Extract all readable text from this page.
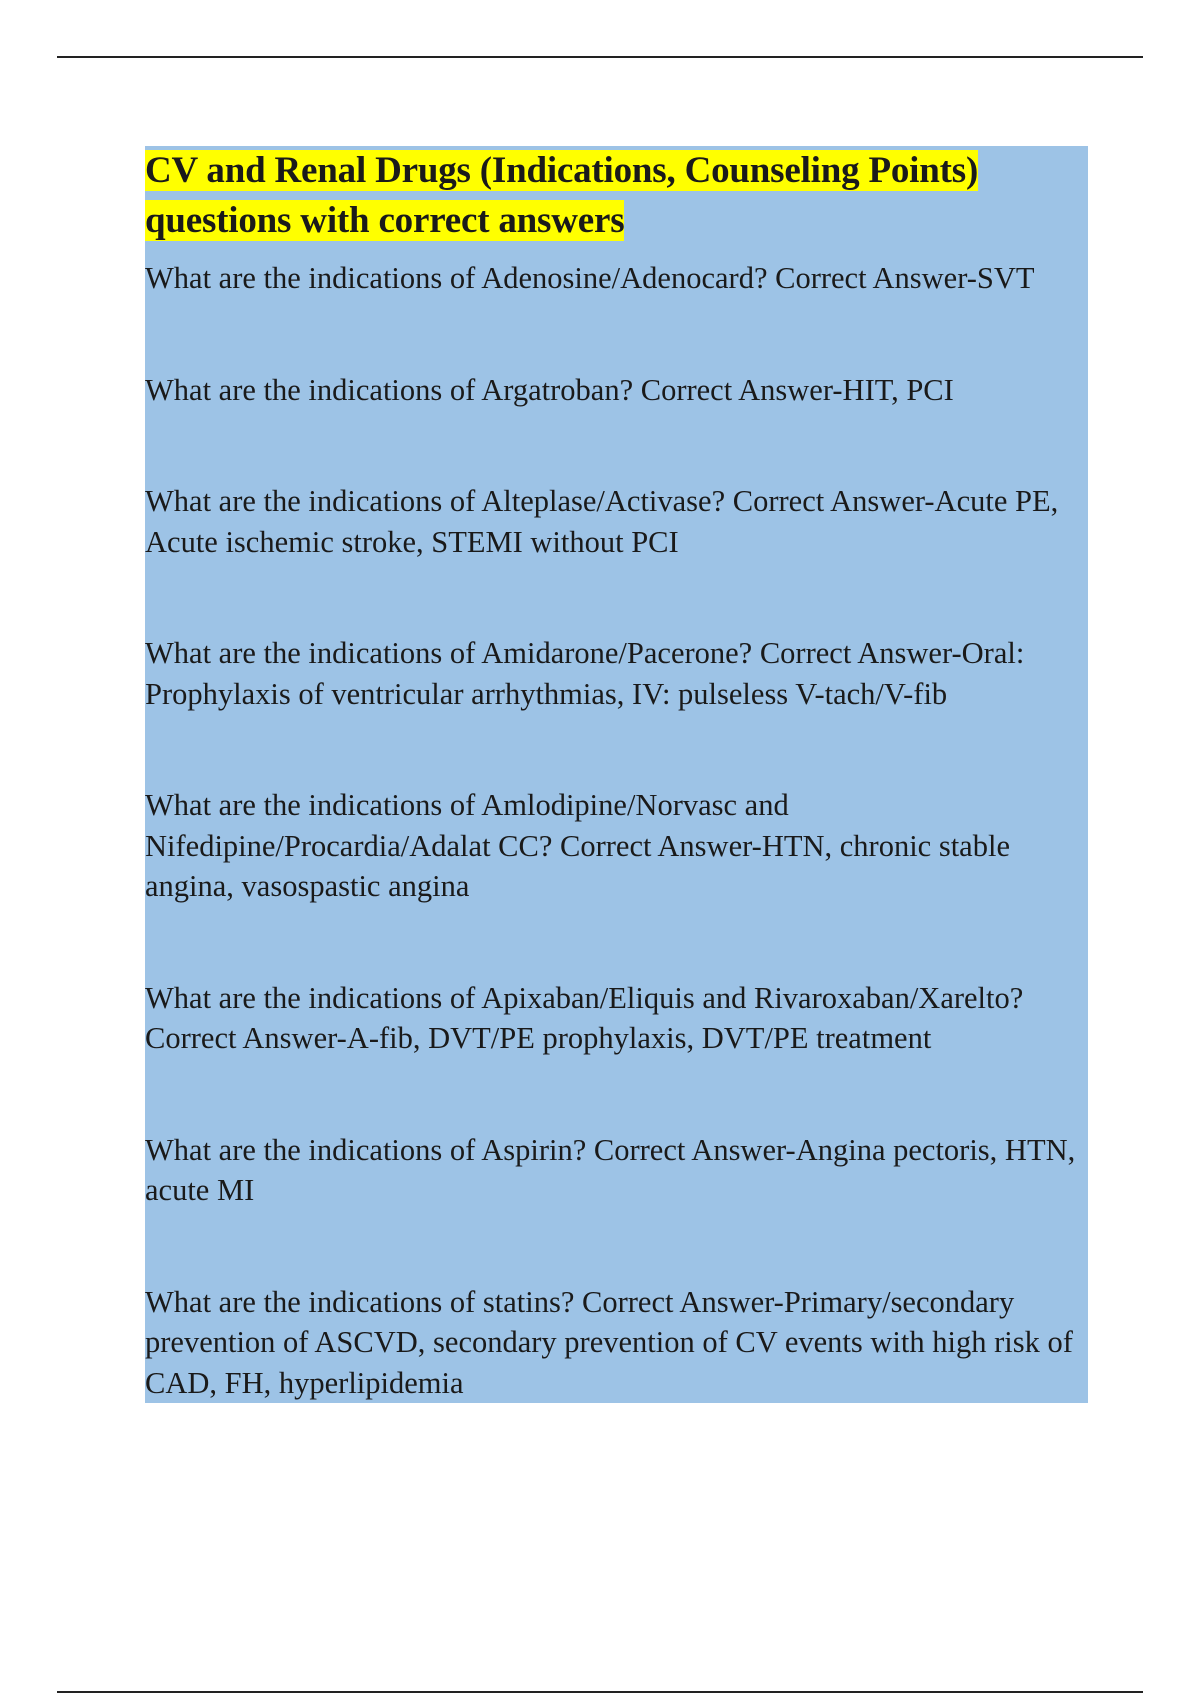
CV and Renal Drugs (Indications, Counseling Points)
questions with correct answers
What are the indications of Adenosine/Adenocard? Correct Answer-SVT
What are the indications of Argatroban? Correct Answer-HIT, PCI
What are the indications of Alteplase/Activase? Correct Answer-Acute PE, Acute ischemic stroke, STEMI without PCI
What are the indications of Amidarone/Pacerone? Correct Answer-Oral: Prophylaxis of ventricular arrhythmias, IV: pulseless V-tach/V-fib
What are the indications of Amlodipine/Norvasc and Nifedipine/Procardia/Adalat CC? Correct Answer-HTN, chronic stable angina, vasospastic angina
What are the indications of Apixaban/Eliquis and Rivaroxaban/Xarelto? Correct Answer-A-fib, DVT/PE prophylaxis, DVT/PE treatment
What are the indications of Aspirin? Correct Answer-Angina pectoris, HTN, acute MI
What are the indications of statins? Correct Answer-Primary/secondary prevention of ASCVD, secondary prevention of CV events with high risk of CAD, FH, hyperlipidemia
